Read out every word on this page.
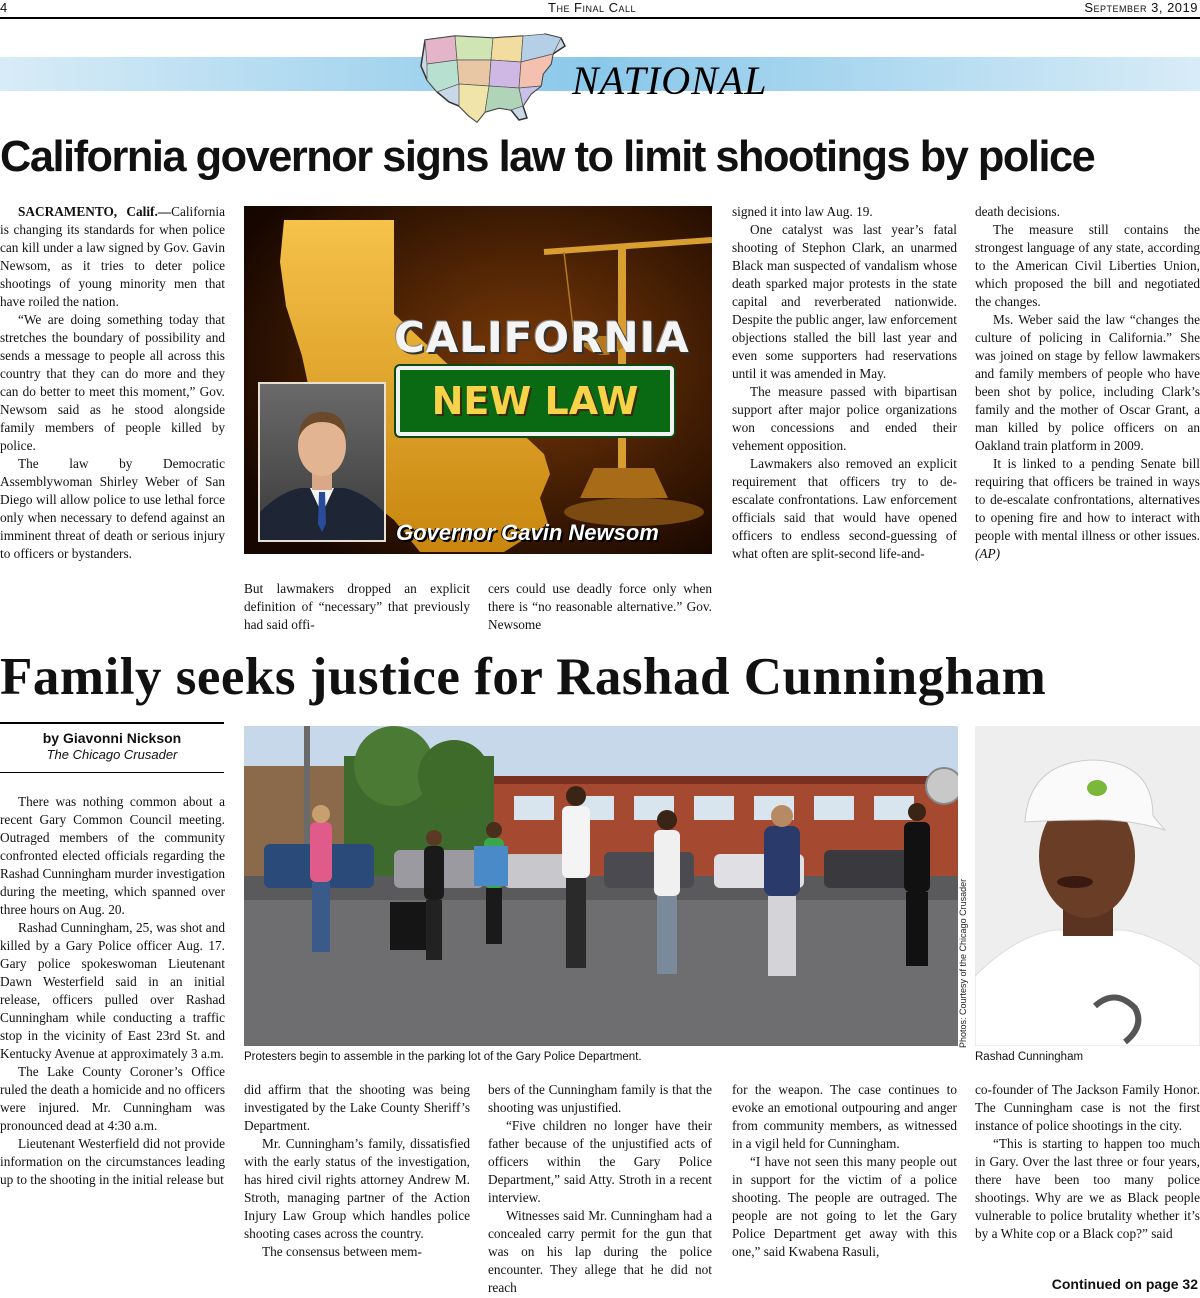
4	The Final Call	September 3, 2019
NATIONAL
California governor signs law to limit shootings by police

SACRAMENTO, Calif.—California is changing its standards for when police can kill under a law signed by Gov. Gavin Newsom, as it tries to deter police shootings of young minority men that have roiled the nation.

“We are doing something today that stretches the boundary of possibility and sends a message to people all across this country that they can do more and they can do better to meet this moment,” Gov. Newsom said as he stood alongside family members of people killed by police.

The law by Democratic Assemblywoman Shirley Weber of San Diego will allow police to use lethal force only when necessary to defend against an imminent threat of death or serious injury to officers or bystanders.

CALIFORNIA
NEW LAW
Governor Gavin Newsom

But lawmakers dropped an explicit definition of “necessary” that previously had said offi-

cers could use deadly force only when there is “no reasonable alternative.” Gov. Newsome

signed it into law Aug. 19.

One catalyst was last year’s fatal shooting of Stephon Clark, an unarmed Black man suspected of vandalism whose death sparked major protests in the state capital and reverberated nationwide. Despite the public anger, law enforcement objections stalled the bill last year and even some supporters had reservations until it was amended in May.

The measure passed with bipartisan support after major police organizations won concessions and ended their vehement opposition.

Lawmakers also removed an explicit requirement that officers try to de-escalate confrontations. Law enforcement officials said that would have opened officers to endless second-guessing of what often are split-second life-and-

death decisions.

The measure still contains the strongest language of any state, according to the American Civil Liberties Union, which proposed the bill and negotiated the changes.

Ms. Weber said the law “changes the culture of policing in California.” She was joined on stage by fellow lawmakers and family members of people who have been shot by police, including Clark’s family and the mother of Oscar Grant, a man killed by police officers on an Oakland train platform in 2009.

It is linked to a pending Senate bill requiring that officers be trained in ways to de-escalate confrontations, alternatives to opening fire and how to interact with people with mental illness or other issues. (AP)

Family seeks justice for Rashad Cunningham
by Giavonni Nickson
The Chicago Crusader

There was nothing common about a recent Gary Common Council meeting. Outraged members of the community confronted elected officials regarding the Rashad Cunningham murder investigation during the meeting, which spanned over three hours on Aug. 20.

Rashad Cunningham, 25, was shot and killed by a Gary Police officer Aug. 17. Gary police spokeswoman Lieutenant Dawn Westerfield said in an initial release, officers pulled over Rashad Cunningham while conducting a traffic stop in the vicinity of East 23rd St. and Kentucky Avenue at approximately 3 a.m.

The Lake County Coroner’s Office ruled the death a homicide and no officers were injured. Mr. Cunningham was pronounced dead at 4:30 a.m.

Lieutenant Westerfield did not provide information on the circumstances leading up to the shooting in the initial release but

Protesters begin to assemble in the parking lot of the Gary Police Department.
Photos: Courtesy of the Chicago Crusader
Rashad Cunningham

did affirm that the shooting was being investigated by the Lake County Sheriff’s Department.

Mr. Cunningham’s family, dissatisfied with the early status of the investigation, has hired civil rights attorney Andrew M. Stroth, managing partner of the Action Injury Law Group which handles police shooting cases across the country.

The consensus between mem-

bers of the Cunningham family is that the shooting was unjustified.

“Five children no longer have their father because of the unjustified acts of officers within the Gary Police Department,” said Atty. Stroth in a recent interview.

Witnesses said Mr. Cunningham had a concealed carry permit for the gun that was on his lap during the police encounter. They allege that he did not reach

for the weapon. The case continues to evoke an emotional outpouring and anger from community members, as witnessed in a vigil held for Cunningham.

“I have not seen this many people out in support for the victim of a police shooting. The people are outraged. The people are not going to let the Gary Police Department get away with this one,” said Kwabena Rasuli,

co-founder of The Jackson Family Honor. The Cunningham case is not the first instance of police shootings in the city.

“This is starting to happen too much in Gary. Over the last three or four years, there have been too many police shootings. Why are we as Black people vulnerable to police brutality whether it’s by a White cop or a Black cop?” said

Continued on page 32
